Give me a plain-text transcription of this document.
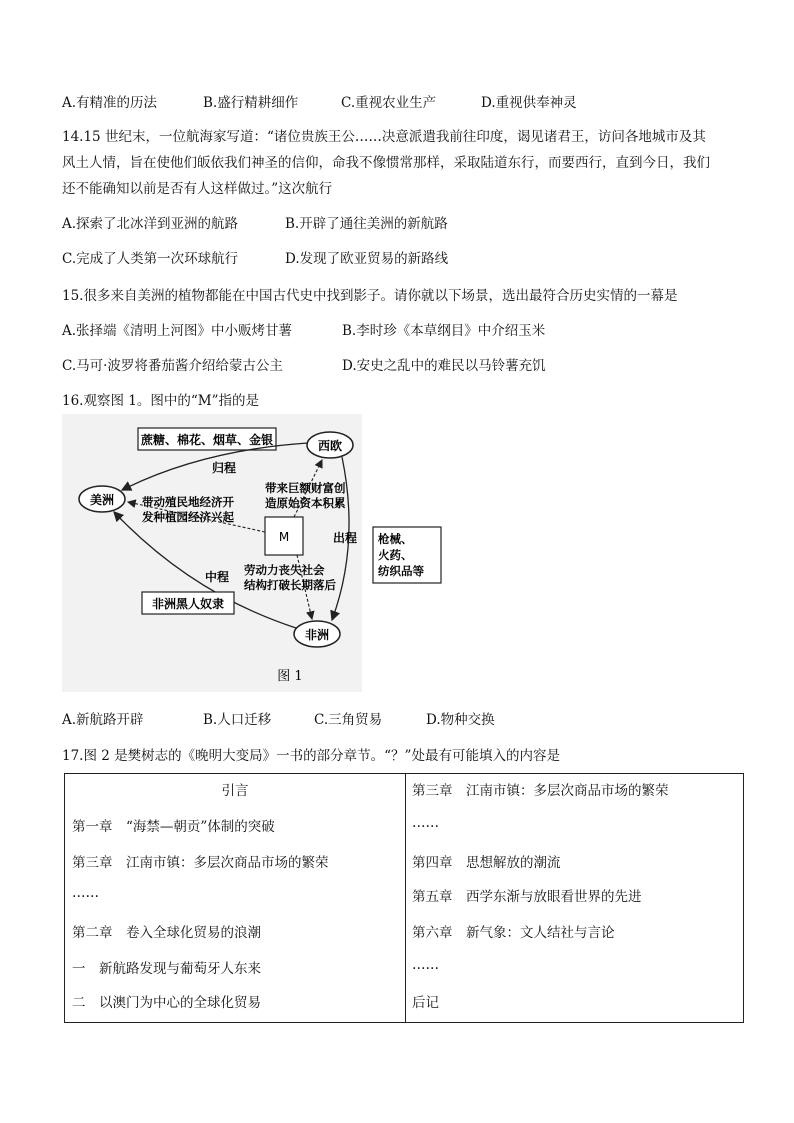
A.有精准的历法	B.盛行精耕细作	C.重视农业生产	D.重视供奉神灵
14.15 世纪末，一位航海家写道：“诸位贵族王公……决意派遣我前往印度，谒见诸君王，访问各地城市及其
风土人情，旨在使他们皈依我们神圣的信仰，命我不像惯常那样，采取陆道东行，而要西行，直到今日，我们
还不能确知以前是否有人这样做过。”这次航行
A.探索了北冰洋到亚洲的航路	B.开辟了通往美洲的新航路
C.完成了人类第一次环球航行	D.发现了欧亚贸易的新路线
15.很多来自美洲的植物都能在中国古代史中找到影子。请你就以下场景，选出最符合历史实情的一幕是
A.张择端《清明上河图》中小贩烤甘薯	B.李时珍《本草纲目》中介绍玉米
C.马可·波罗将番茄酱介绍给蒙古公主	D.安史之乱中的难民以马铃薯充饥
16.观察图 1。图中的“M”指的是
蔗糖、棉花、烟草、金银	西欧
美洲
非洲
M
归程
出程
中程
带来巨额财富创
造原始资本积累
带动殖民地经济开
发种植园经济兴起
劳动力丧失社会
结构打破长期落后
非洲黑人奴隶
图 1
枪械、
火药、
纺织品等
A.新航路开辟	B.人口迁移	C.三角贸易	D.物种交换
17.图 2 是樊树志的《晚明大变局》一书的部分章节。“？”处最有可能填入的内容是
引言
第一章　“海禁—朝贡”体制的突破
第三章　江南市镇：多层次商品市场的繁荣
……
第二章　卷入全球化贸易的浪潮
一　新航路发现与葡萄牙人东来
二　以澳门为中心的全球化贸易
第三章　江南市镇：多层次商品市场的繁荣
……
第四章　思想解放的潮流
第五章　西学东渐与放眼看世界的先进
第六章　新气象：文人结社与言论
……
后记
